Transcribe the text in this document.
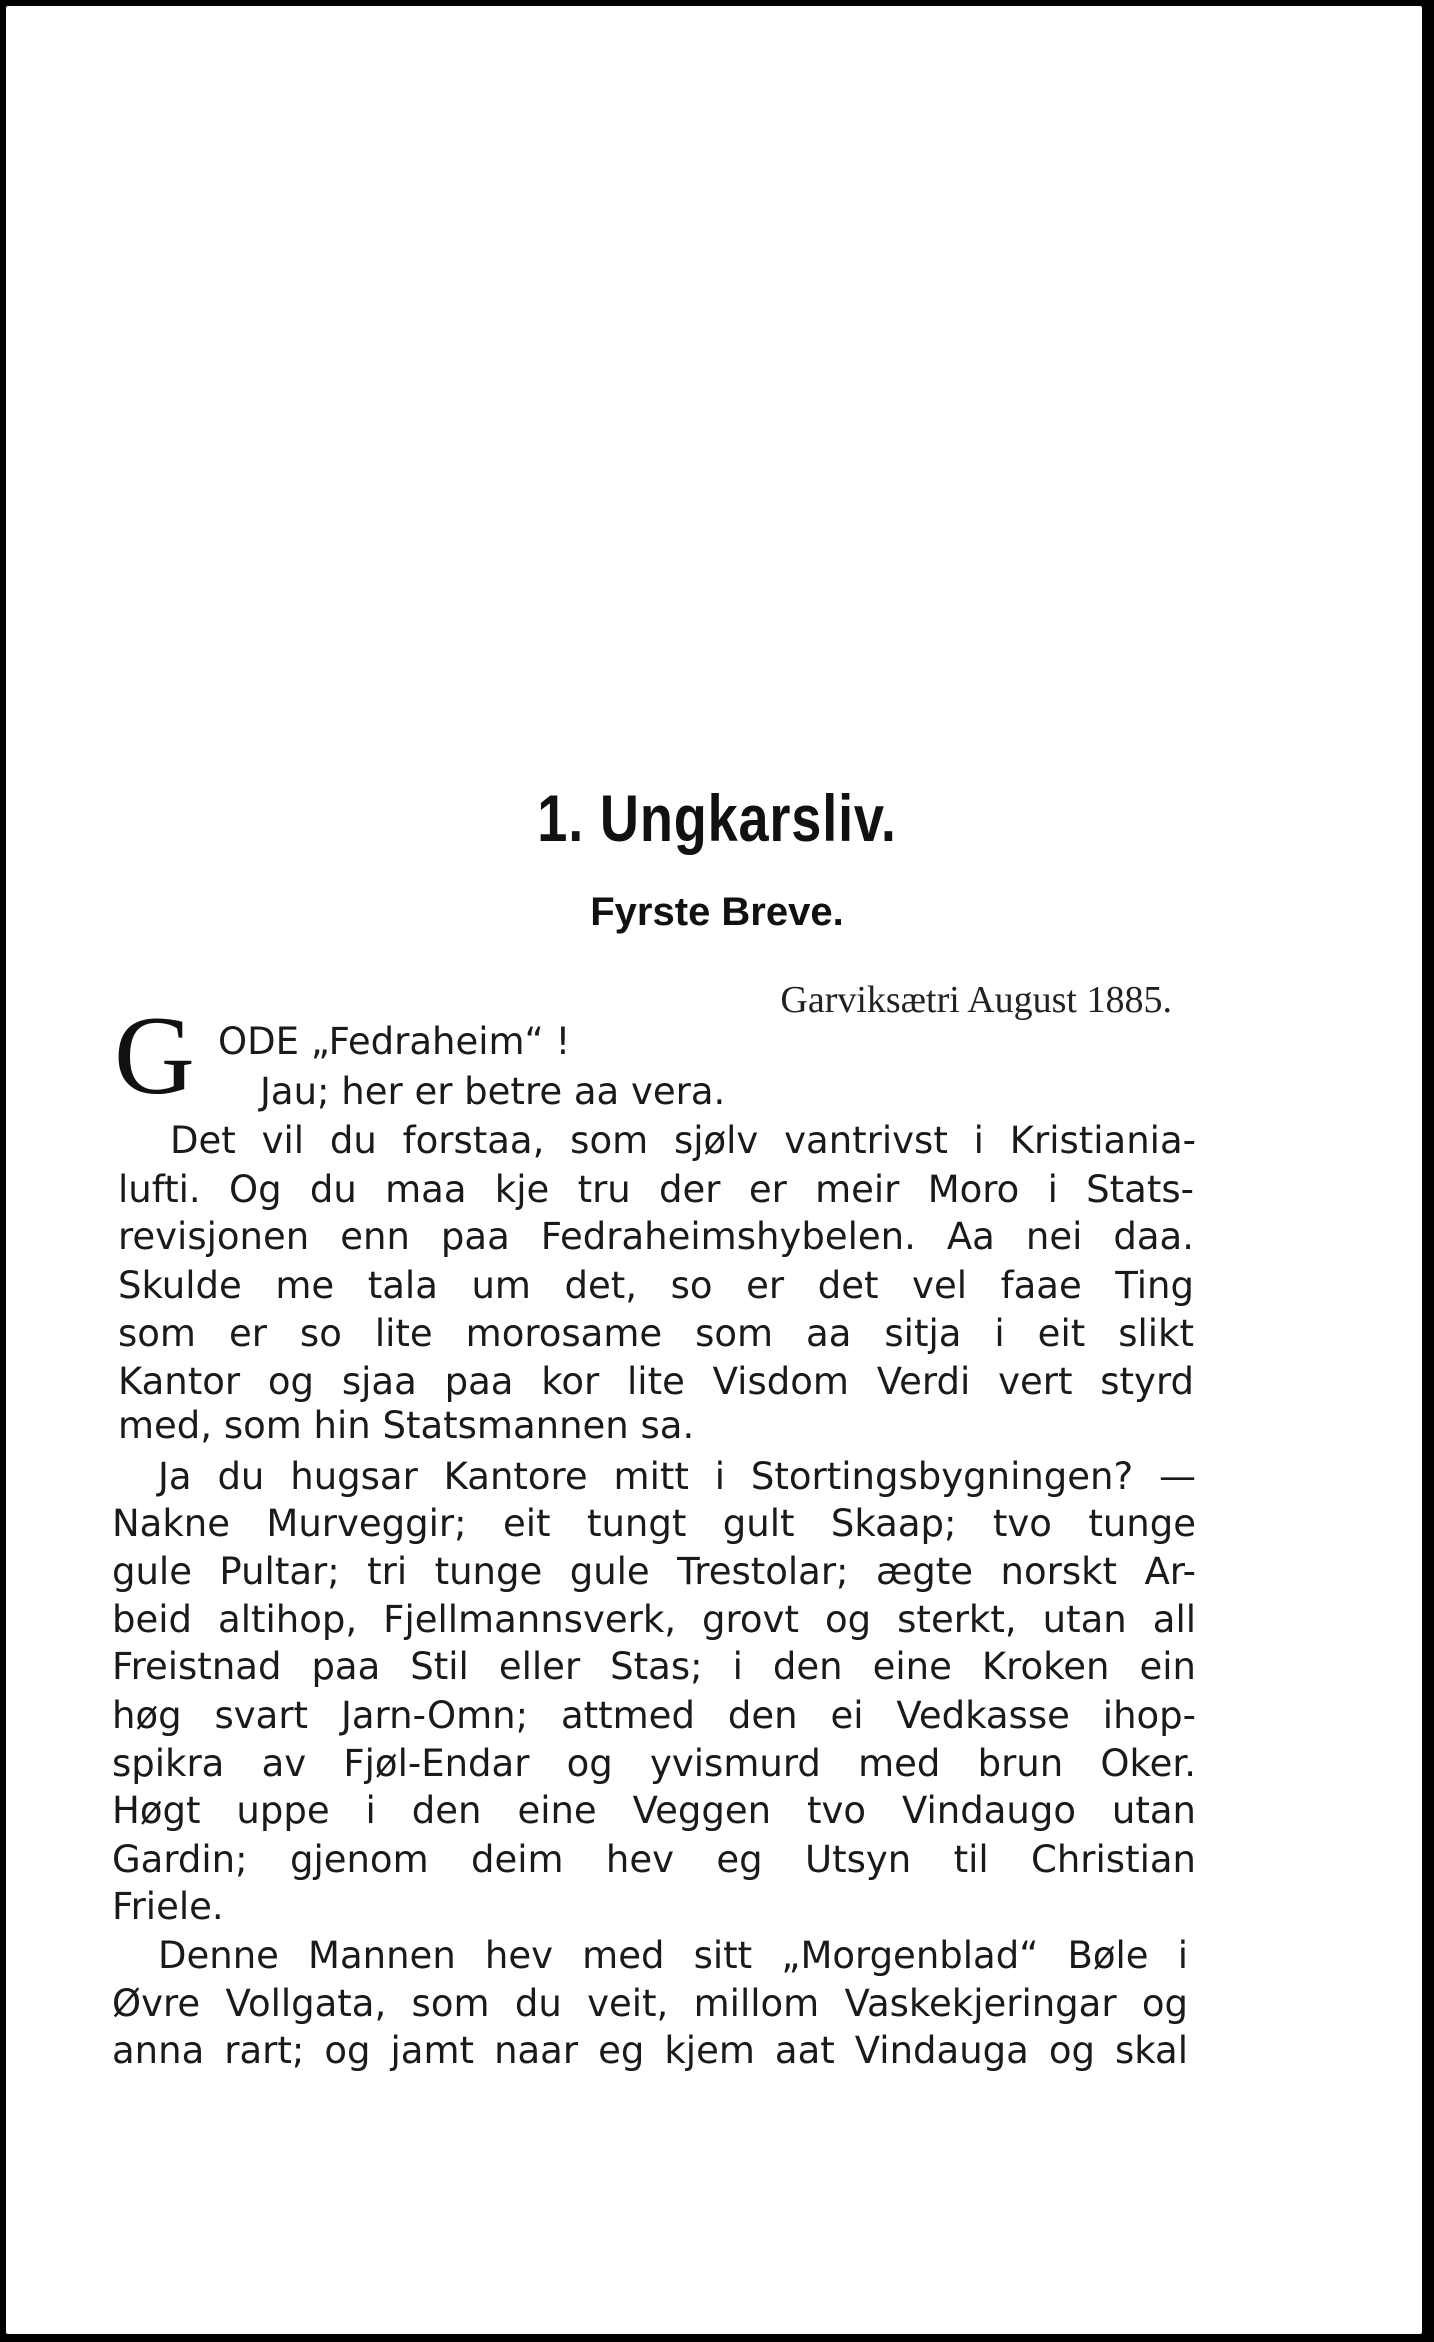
1. Ungkarsliv.
Fyrste Breve.

Garviksætri August 1885.

G ODE „Fedraheim“ !

Jau; her er betre aa vera.

Det vil du forstaa, som sjølv vantrivst i Kristiania-

lufti. Og du maa kje tru der er meir Moro i Stats-

revisjonen enn paa Fedraheimshybelen. Aa nei daa.

Skulde me tala um det, so er det vel faae Ting

som er so lite morosame som aa sitja i eit slikt

Kantor og sjaa paa kor lite Visdom Verdi vert styrd

med, som hin Statsmannen sa.

Ja du hugsar Kantore mitt i Stortingsbygningen? —

Nakne Murveggir; eit tungt gult Skaap; tvo tunge

gule Pultar; tri tunge gule Trestolar; ægte norskt Ar-

beid altihop, Fjellmannsverk, grovt og sterkt, utan all

Freistnad paa Stil eller Stas; i den eine Kroken ein

høg svart Jarn-Omn; attmed den ei Vedkasse ihop-

spikra av Fjøl-Endar og yvismurd med brun Oker.

Høgt uppe i den eine Veggen tvo Vindaugo utan

Gardin; gjenom deim hev eg Utsyn til Christian

Friele.

Denne Mannen hev med sitt „Morgenblad“ Bøle i

Øvre Vollgata, som du veit, millom Vaskekjeringar og

anna rart; og jamt naar eg kjem aat Vindauga og skal
